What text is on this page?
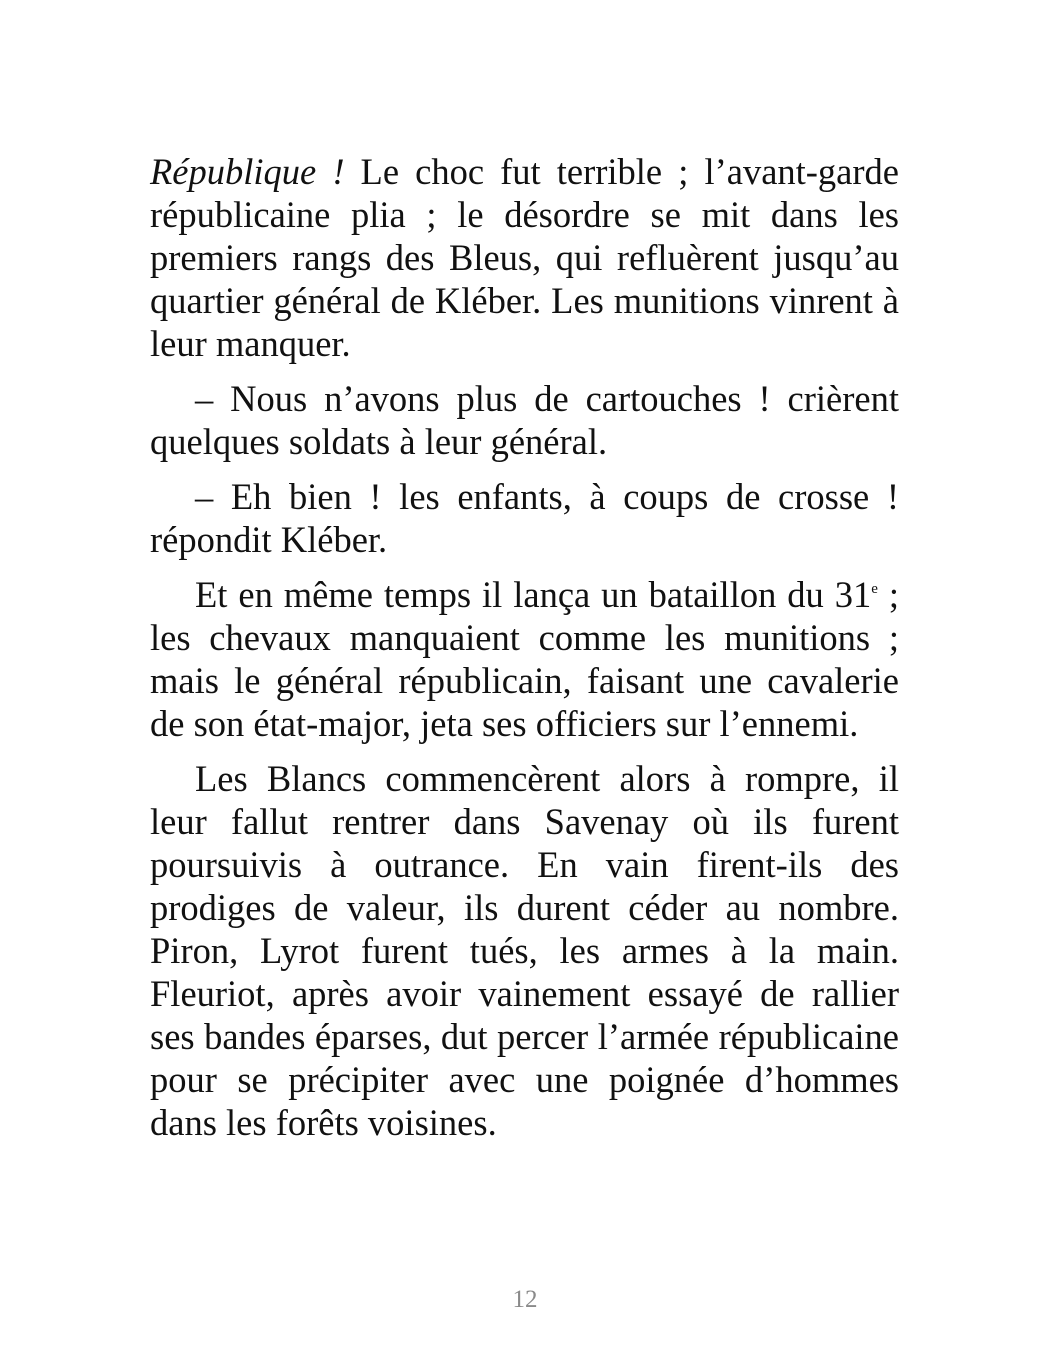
République ! Le choc fut terrible ; l’avant-garde républicaine plia ; le désordre se mit dans les premiers rangs des Bleus, qui refluèrent jusqu’au quartier général de Kléber. Les munitions vinrent à leur manquer.

– Nous n’avons plus de cartouches ! crièrent quelques soldats à leur général.

– Eh bien ! les enfants, à coups de crosse ! répondit Kléber.

Et en même temps il lança un bataillon du 31e ; les chevaux manquaient comme les munitions ; mais le général républicain, faisant une cavalerie de son état-major, jeta ses officiers sur l’ennemi.

Les Blancs commencèrent alors à rompre, il leur fallut rentrer dans Savenay où ils furent poursuivis à outrance. En vain firent-ils des prodiges de valeur, ils durent céder au nombre. Piron, Lyrot furent tués, les armes à la main. Fleuriot, après avoir vainement essayé de rallier ses bandes éparses, dut percer l’armée républicaine pour se précipiter avec une poignée d’hommes dans les forêts voisines.

12
